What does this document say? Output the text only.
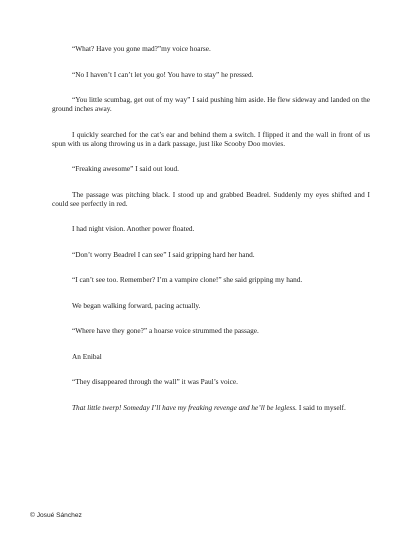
“What? Have you gone mad?”my voice hoarse.

“No I haven’t I can’t let you go! You have to stay” he pressed.

“You little scumbag, get out of my way” I said pushing him aside. He flew sideway and landed on the ground inches away.

I quickly searched for the cat’s ear and behind them a switch. I flipped it and the wall in front of us spun with us along throwing us in a dark passage, just like Scooby Doo movies.

“Freaking awesome” I said out loud.

The passage was pitching black. I stood up and grabbed Beadrel. Suddenly my eyes shifted and I could see perfectly in red.

I had night vision. Another power floated.

“Don’t worry Beadrel I can see” I said gripping hard her hand.

“I can’t see too. Remember? I’m a vampire clone!” she said gripping my hand.

We began walking forward, pacing actually.

“Where have they gone?” a hoarse voice strummed the passage.

An Enibal

“They disappeared through the wall” it was Paul’s voice.

That little twerp! Someday I’ll have my freaking revenge and he’ll be legless. I said to myself.

© Josué Sánchez
